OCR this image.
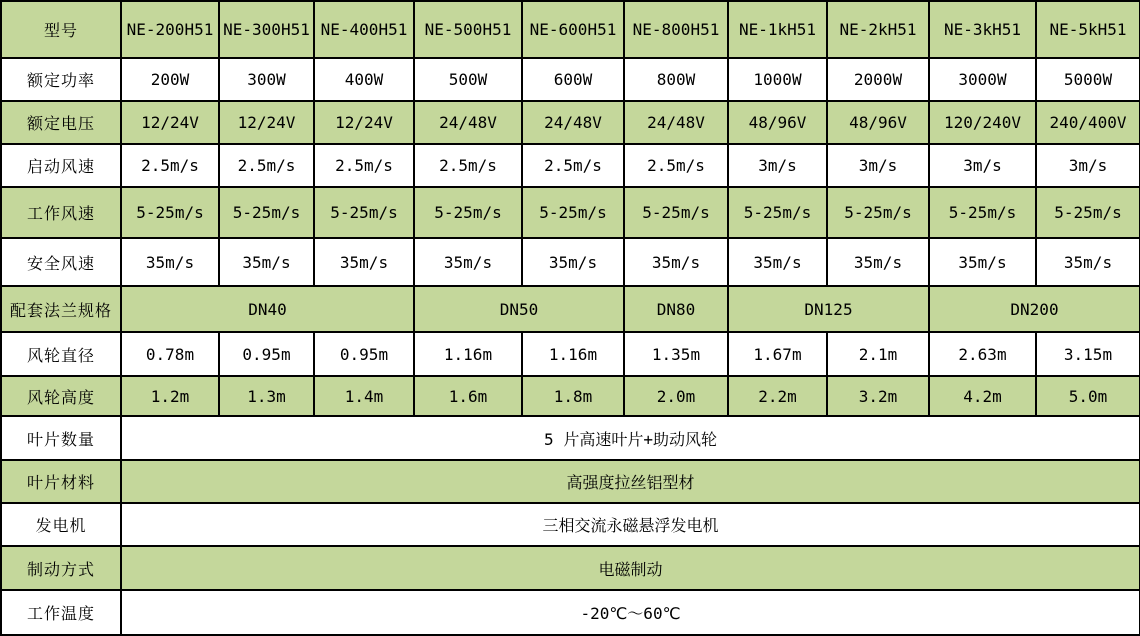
型号	NE-200H51	NE-300H51	NE-400H51	NE-500H51	NE-600H51	NE-800H51	NE-1kH51	NE-2kH51	NE-3kH51	NE-5kH51
额定功率	200W	300W	400W	500W	600W	800W	1000W	2000W	3000W	5000W
额定电压	12/24V	12/24V	12/24V	24/48V	24/48V	24/48V	48/96V	48/96V	120/240V	240/400V
启动风速	2.5m/s	2.5m/s	2.5m/s	2.5m/s	2.5m/s	2.5m/s	3m/s	3m/s	3m/s	3m/s
工作风速	5-25m/s	5-25m/s	5-25m/s	5-25m/s	5-25m/s	5-25m/s	5-25m/s	5-25m/s	5-25m/s	5-25m/s
安全风速	35m/s	35m/s	35m/s	35m/s	35m/s	35m/s	35m/s	35m/s	35m/s	35m/s
配套法兰规格	DN40			DN50		DN80	DN125		DN200	
风轮直径	0.78m	0.95m	0.95m	1.16m	1.16m	1.35m	1.67m	2.1m	2.63m	3.15m
风轮高度	1.2m	1.3m	1.4m	1.6m	1.8m	2.0m	2.2m	3.2m	4.2m	5.0m
叶片数量	5 片高速叶片+助动风轮									
叶片材料	高强度拉丝铝型材									
发电机	三相交流永磁悬浮发电机									
制动方式	电磁制动									
工作温度	-20℃～60℃									
